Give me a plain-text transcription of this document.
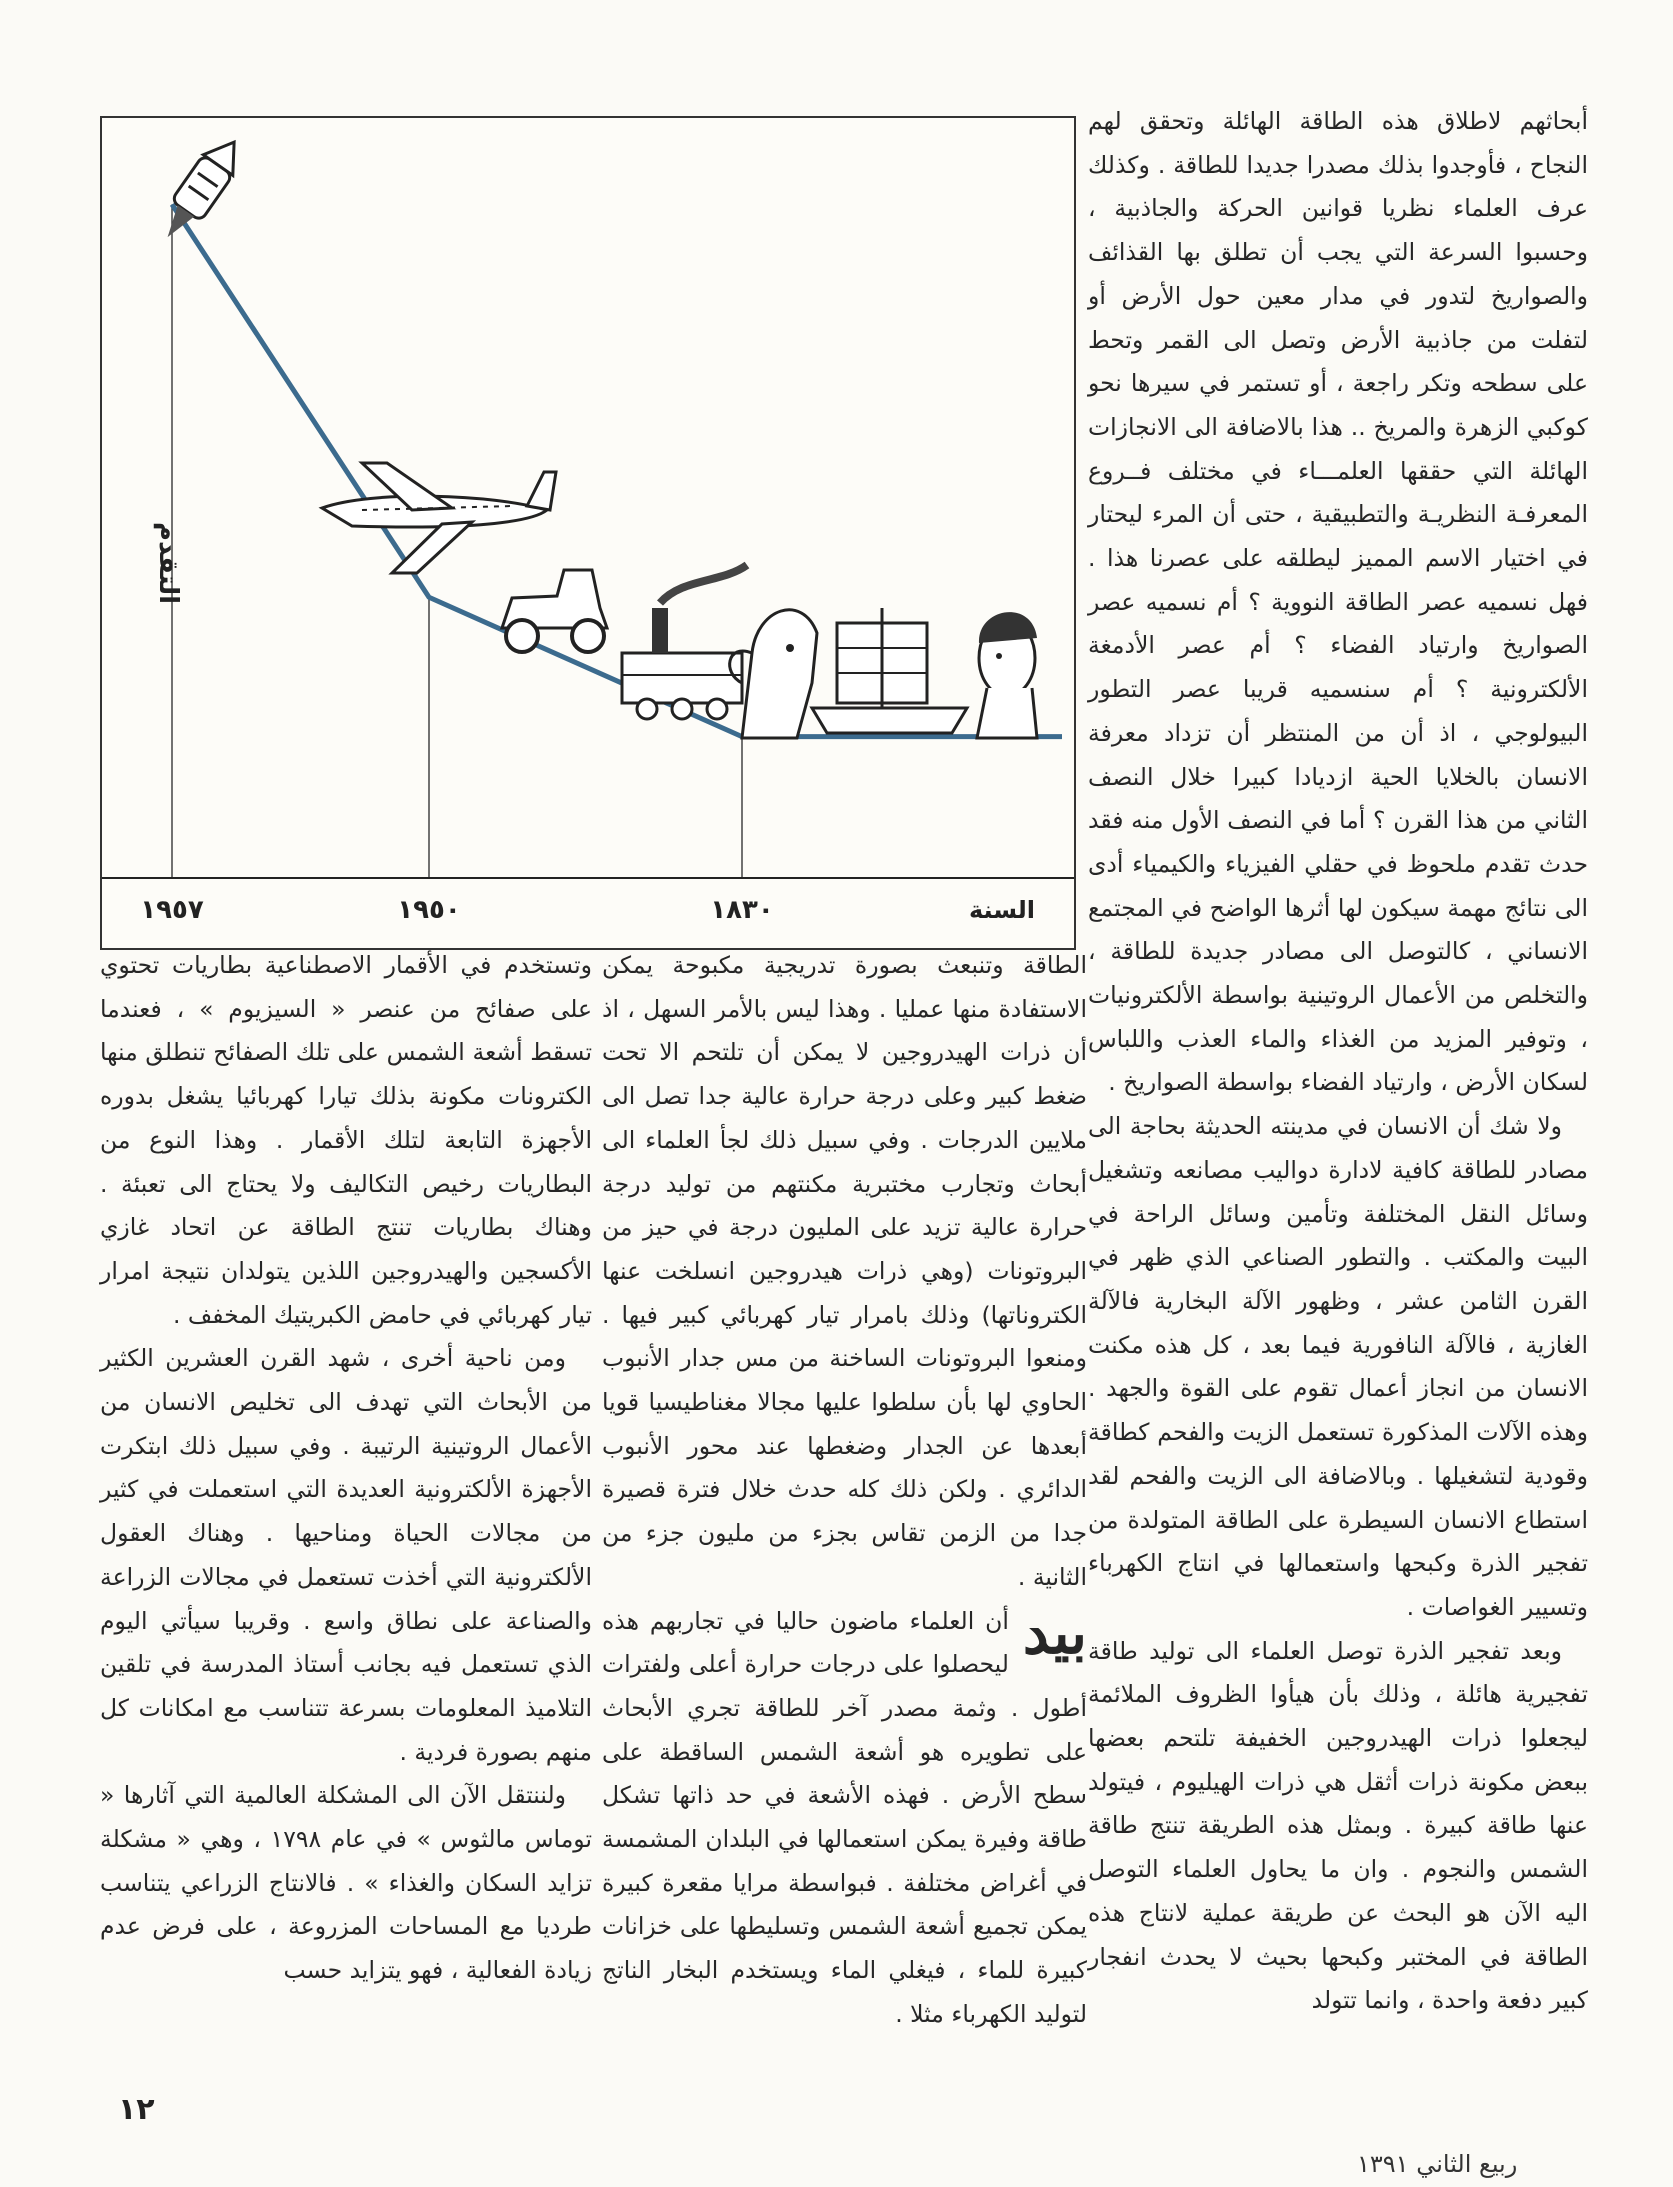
التقدم
السنة
١٩٥٧	١٩٥٠	١٨٣٠

أبحاثهم لاطلاق هذه الطاقة الهائلة وتحقق لهم النجاح ، فأوجدوا بذلك مصدرا جديدا للطاقة . وكذلك عرف العلماء نظريا قوانين الحركة والجاذبية ، وحسبوا السرعة التي يجب أن تطلق بها القذائف والصواريخ لتدور في مدار معين حول الأرض أو لتفلت من جاذبية الأرض وتصل الى القمر وتحط على سطحه وتكر راجعة ، أو تستمر في سيرها نحو كوكبي الزهرة والمريخ .. هذا بالاضافة الى الانجازات الهائلة التي حققها العلمـــاء في مختلف فــروع المعرفـة النظريـة والتطبيقية ، حتى أن المرء ليحتار في اختيار الاسم المميز ليطلقه على عصرنا هذا . فهل نسميه عصر الطاقة النووية ؟ أم نسميه عصر الصواريخ وارتياد الفضاء ؟ أم عصر الأدمغة الألكترونية ؟ أم سنسميه قريبا عصر التطور البيولوجي ، اذ أن من المنتظر أن تزداد معرفة الانسان بالخلايا الحية ازديادا كبيرا خلال النصف الثاني من هذا القرن ؟ أما في النصف الأول منه فقد حدث تقدم ملحوظ في حقلي الفيزياء والكيمياء أدى الى نتائج مهمة سيكون لها أثرها الواضح في المجتمع الانساني ، كالتوصل الى مصادر جديدة للطاقة ، والتخلص من الأعمال الروتينية بواسطة الألكترونيات ، وتوفير المزيد من الغذاء والماء العذب واللباس لسكان الأرض ، وارتياد الفضاء بواسطة الصواريخ .

ولا شك أن الانسان في مدينته الحديثة بحاجة الى مصادر للطاقة كافية لادارة دواليب مصانعه وتشغيل وسائل النقل المختلفة وتأمين وسائل الراحة في البيت والمكتب . والتطور الصناعي الذي ظهر في القرن الثامن عشر ، وظهور الآلة البخارية فالآلة الغازية ، فالآلة النافورية فيما بعد ، كل هذه مكنت الانسان من انجاز أعمال تقوم على القوة والجهد . وهذه الآلات المذكورة تستعمل الزيت والفحم كطاقة وقودية لتشغيلها . وبالاضافة الى الزيت والفحم لقد استطاع الانسان السيطرة على الطاقة المتولدة من تفجير الذرة وكبحها واستعمالها في انتاج الكهرباء وتسيير الغواصات .

وبعد تفجير الذرة توصل العلماء الى توليد طاقة تفجيرية هائلة ، وذلك بأن هيأوا الظروف الملائمة ليجعلوا ذرات الهيدروجين الخفيفة تلتحم بعضها ببعض مكونة ذرات أثقل هي ذرات الهيليوم ، فيتولد عنها طاقة كبيرة . وبمثل هذه الطريقة تنتج طاقة الشمس والنجوم . وان ما يحاول العلماء التوصل اليه الآن هو البحث عن طريقة عملية لانتاج هذه الطاقة في المختبر وكبحها بحيث لا يحدث انفجار كبير دفعة واحدة ، وانما تتولد

الطاقة وتنبعث بصورة تدريجية مكبوحة يمكن الاستفادة منها عمليا . وهذا ليس بالأمر السهل ، اذ أن ذرات الهيدروجين لا يمكن أن تلتحم الا تحت ضغط كبير وعلى درجة حرارة عالية جدا تصل الى ملايين الدرجات . وفي سبيل ذلك لجأ العلماء الى أبحاث وتجارب مختبرية مكنتهم من توليد درجة حرارة عالية تزيد على المليون درجة في حيز من البروتونات (وهي ذرات هيدروجين انسلخت عنها الكتروناتها) وذلك بامرار تيار كهربائي كبير فيها . ومنعوا البروتونات الساخنة من مس جدار الأنبوب الحاوي لها بأن سلطوا عليها مجالا مغناطيسيا قويا أبعدها عن الجدار وضغطها عند محور الأنبوب الدائري . ولكن ذلك كله حدث خلال فترة قصيرة جدا من الزمن تقاس بجزء من مليون جزء من الثانية .

بيد
أن العلماء ماضون حاليا في تجاربهم هذه ليحصلوا على درجات حرارة أعلى ولفترات أطول . وثمة مصدر آخر للطاقة تجري الأبحاث على تطويره هو أشعة الشمس الساقطة على سطح الأرض . فهذه الأشعة في حد ذاتها تشكل طاقة وفيرة يمكن استعمالها في البلدان المشمسة في أغراض مختلفة . فبواسطة مرايا مقعرة كبيرة يمكن تجميع أشعة الشمس وتسليطها على خزانات كبيرة للماء ، فيغلي الماء ويستخدم البخار الناتج لتوليد الكهرباء مثلا .

وتستخدم في الأقمار الاصطناعية بطاريات تحتوي على صفائح من عنصر « السيزيوم » ، فعندما تسقط أشعة الشمس على تلك الصفائح تنطلق منها الكترونات مكونة بذلك تيارا كهربائيا يشغل بدوره الأجهزة التابعة لتلك الأقمار . وهذا النوع من البطاريات رخيص التكاليف ولا يحتاج الى تعبئة . وهناك بطاريات تنتج الطاقة عن اتحاد غازي الأكسجين والهيدروجين اللذين يتولدان نتيجة امرار تيار كهربائي في حامض الكبريتيك المخفف .

ومن ناحية أخرى ، شهد القرن العشرين الكثير من الأبحاث التي تهدف الى تخليص الانسان من الأعمال الروتينية الرتيبة . وفي سبيل ذلك ابتكرت الأجهزة الألكترونية العديدة التي استعملت في كثير من مجالات الحياة ومناحيها . وهناك العقول الألكترونية التي أخذت تستعمل في مجالات الزراعة والصناعة على نطاق واسع . وقريبا سيأتي اليوم الذي تستعمل فيه بجانب أستاذ المدرسة في تلقين التلاميذ المعلومات بسرعة تتناسب مع امكانات كل منهم بصورة فردية .

ولننتقل الآن الى المشكلة العالمية التي آثارها « توماس مالثوس » في عام ١٧٩٨ ، وهي « مشكلة تزايد السكان والغذاء » . فالانتاج الزراعي يتناسب طرديا مع المساحات المزروعة ، على فرض عدم زيادة الفعالية ، فهو يتزايد حسب

١٢
ربيع الثاني ١٣٩١
